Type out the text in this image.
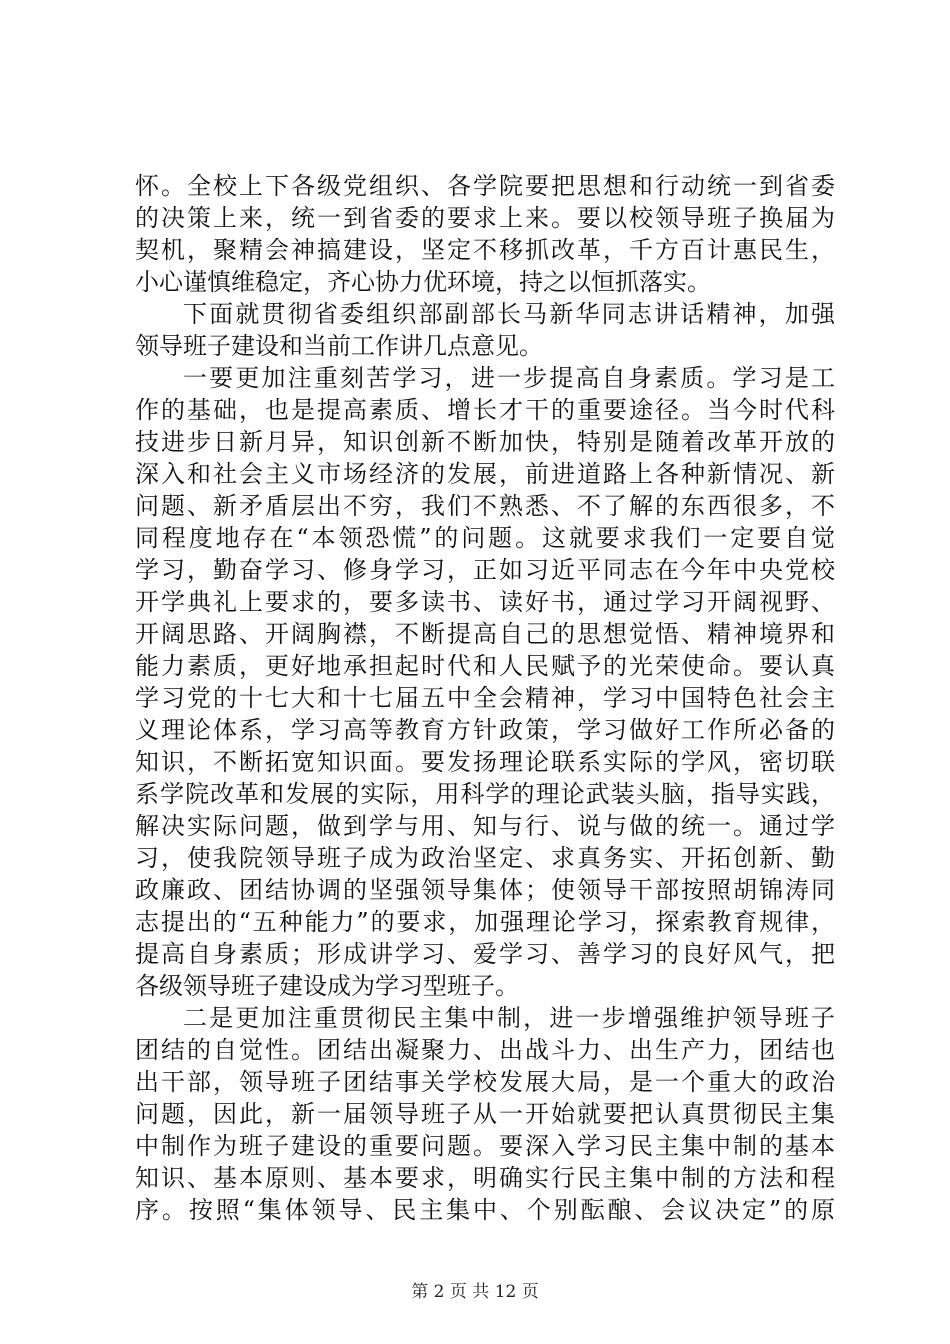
怀。全校上下各级党组织、各学院要把思想和行动统一到省委
的决策上来，统一到省委的要求上来。要以校领导班子换届为
契机，聚精会神搞建设，坚定不移抓改革，千方百计惠民生，
小心谨慎维稳定，齐心协力优环境，持之以恒抓落实。
下面就贯彻省委组织部副部长马新华同志讲话精神，加强
领导班子建设和当前工作讲几点意见。
一要更加注重刻苦学习，进一步提高自身素质。学习是工
作的基础，也是提高素质、增长才干的重要途径。当今时代科
技进步日新月异，知识创新不断加快，特别是随着改革开放的
深入和社会主义市场经济的发展，前进道路上各种新情况、新
问题、新矛盾层出不穷，我们不熟悉、不了解的东西很多，不
同程度地存在“本领恐慌”的问题。这就要求我们一定要自觉
学习，勤奋学习、修身学习，正如习近平同志在今年中央党校
开学典礼上要求的，要多读书、读好书，通过学习开阔视野、
开阔思路、开阔胸襟，不断提高自己的思想觉悟、精神境界和
能力素质，更好地承担起时代和人民赋予的光荣使命。要认真
学习党的十七大和十七届五中全会精神，学习中国特色社会主
义理论体系，学习高等教育方针政策，学习做好工作所必备的
知识，不断拓宽知识面。要发扬理论联系实际的学风，密切联
系学院改革和发展的实际，用科学的理论武装头脑，指导实践，
解决实际问题，做到学与用、知与行、说与做的统一。通过学
习，使我院领导班子成为政治坚定、求真务实、开拓创新、勤
政廉政、团结协调的坚强领导集体；使领导干部按照胡锦涛同
志提出的“五种能力”的要求，加强理论学习，探索教育规律，
提高自身素质；形成讲学习、爱学习、善学习的良好风气，把
各级领导班子建设成为学习型班子。
二是更加注重贯彻民主集中制，进一步增强维护领导班子
团结的自觉性。团结出凝聚力、出战斗力、出生产力，团结也
出干部，领导班子团结事关学校发展大局，是一个重大的政治
问题，因此，新一届领导班子从一开始就要把认真贯彻民主集
中制作为班子建设的重要问题。要深入学习民主集中制的基本
知识、基本原则、基本要求，明确实行民主集中制的方法和程
序。按照“集体领导、民主集中、个别酝酿、会议决定”的原
第 2 页 共 12 页
